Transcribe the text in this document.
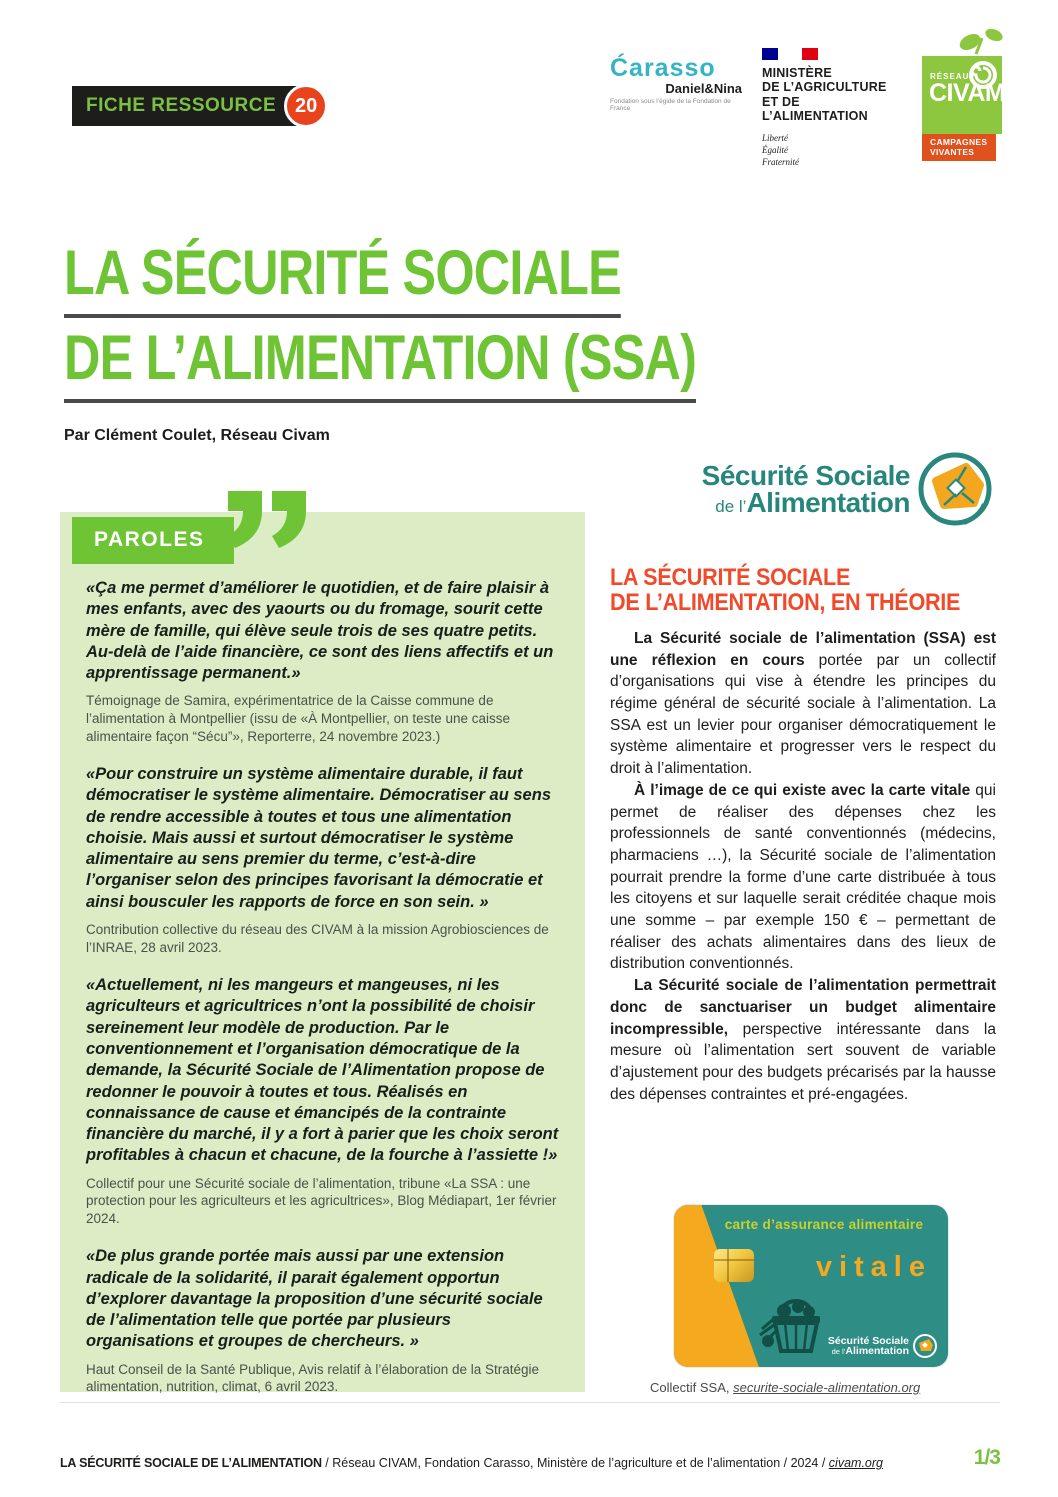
FICHE RESSOURCE 20
Ćarasso
Daniel&Nina
Fondation sous l’égide de la Fondation de France
MINISTÈRE
DE L’AGRICULTURE
ET DE L’ALIMENTATION
Liberté
Égalité
Fraternité
RÉSEAU
CIVAM
CAMPAGNES
VIVANTES
LA SÉCURITÉ SOCIALE
DE L’ALIMENTATION (SSA)
Par Clément Coulet, Réseau Civam
PAROLES

«Ça me permet d’améliorer le quotidien, et de faire plaisir à mes enfants, avec des yaourts ou du fromage, sourit cette mère de famille, qui élève seule trois de ses quatre petits. Au-delà de l’aide financière, ce sont des liens affectifs et un apprentissage permanent.»

Témoignage de Samira, expérimentatrice de la Caisse commune de l’alimentation à Montpellier (issu de «À Montpellier, on teste une caisse alimentaire façon “Sécu”», Reporterre, 24 novembre 2023.)

«Pour construire un système alimentaire durable, il faut démocratiser le système alimentaire. Démocratiser au sens de rendre accessible à toutes et tous une alimentation choisie. Mais aussi et surtout démocratiser le système alimentaire au sens premier du terme, c’est-à-dire l’organiser selon des principes favorisant la démocratie et ainsi bousculer les rapports de force en son sein. »

Contribution collective du réseau des CIVAM à la mission Agrobiosciences de l’INRAE, 28 avril 2023.

«Actuellement, ni les mangeurs et mangeuses, ni les agriculteurs et agricultrices n’ont la possibilité de choisir sereinement leur modèle de production. Par le conventionnement et l’organisation démocratique de la demande, la Sécurité Sociale de l’Alimentation propose de redonner le pouvoir à toutes et tous. Réalisés en connaissance de cause et émancipés de la contrainte financière du marché, il y a fort à parier que les choix seront profitables à chacun et chacune, de la fourche à l’assiette !»

Collectif pour une Sécurité sociale de l’alimentation, tribune «La SSA : une protection pour les agriculteurs et les agricultrices», Blog Médiapart, 1er février 2024.

«De plus grande portée mais aussi par une extension radicale de la solidarité, il parait également opportun d’explorer davantage la proposition d’une sécurité sociale de l’alimentation telle que portée par plusieurs organisations et groupes de chercheurs. »

Haut Conseil de la Santé Publique, Avis relatif à l’élaboration de la Stratégie alimentation, nutrition, climat, 6 avril 2023.

Sécurité Sociale
de l’Alimentation
LA SÉCURITÉ SOCIALE
DE L’ALIMENTATION, EN THÉORIE

La Sécurité sociale de l’alimentation (SSA) est une réflexion en cours portée par un collectif d’organisations qui vise à étendre les principes du régime général de sécurité sociale à l’alimentation. La SSA est un levier pour organiser démocratiquement le système alimentaire et progresser vers le respect du droit à l’alimentation.

À l’image de ce qui existe avec la carte vitale qui permet de réaliser des dépenses chez les professionnels de santé conventionnés (médecins, pharmaciens …), la Sécurité sociale de l’alimentation pourrait prendre la forme d’une carte distribuée à tous les citoyens et sur laquelle serait créditée chaque mois une somme – par exemple 150 € – permettant de réaliser des achats alimentaires dans des lieux de distribution conventionnés.

La Sécurité sociale de l’alimentation permettrait donc de sanctuariser un budget alimentaire incompressible, perspective intéressante dans la mesure où l’alimentation sert souvent de variable d’ajustement pour des budgets précarisés par la hausse des dépenses contraintes et pré-engagées.

carte d’assurance alimentaire
vitale
Sécurité Sociale
de l’Alimentation
Collectif SSA, securite-sociale-alimentation.org
LA SÉCURITÉ SOCIALE DE L’ALIMENTATION / Réseau CIVAM, Fondation Carasso, Ministère de l’agriculture et de l’alimentation / 2024 / civam.org	1/3
